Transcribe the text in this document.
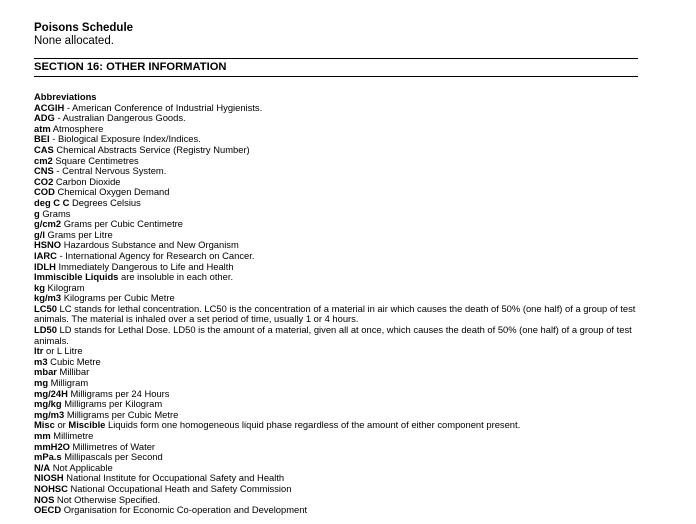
Poisons Schedule
None allocated.
SECTION 16: OTHER INFORMATION
Abbreviations
ACGIH - American Conference of Industrial Hygienists.
ADG - Australian Dangerous Goods.
atm Atmosphere
BEI - Biological Exposure Index/Indices.
CAS Chemical Abstracts Service (Registry Number)
cm2 Square Centimetres
CNS - Central Nervous System.
CO2 Carbon Dioxide
COD Chemical Oxygen Demand
deg C C Degrees Celsius
g Grams
g/cm2 Grams per Cubic Centimetre
g/l Grams per Litre
HSNO Hazardous Substance and New Organism
IARC - International Agency for Research on Cancer.
IDLH Immediately Dangerous to Life and Health
Immiscible Liquids are insoluble in each other.
kg Kilogram
kg/m3 Kilograms per Cubic Metre
LC50 LC stands for lethal concentration. LC50 is the concentration of a material in air which causes the death of 50% (one half) of a group of test animals. The material is inhaled over a set period of time, usually 1 or 4 hours.
LD50 LD stands for Lethal Dose. LD50 is the amount of a material, given all at once, which causes the death of 50% (one half) of a group of test animals.
ltr or L Litre
m3 Cubic Metre
mbar Millibar
mg Milligram
mg/24H Milligrams per 24 Hours
mg/kg Milligrams per Kilogram
mg/m3 Milligrams per Cubic Metre
Misc or Miscible Liquids form one homogeneous liquid phase regardless of the amount of either component present.
mm Millimetre
mmH2O Millimetres of Water
mPa.s Millipascals per Second
N/A Not Applicable
NIOSH National Institute for Occupational Safety and Health
NOHSC National Occupational Heath and Safety Commission
NOS Not Otherwise Specified.
OECD Organisation for Economic Co-operation and Development
